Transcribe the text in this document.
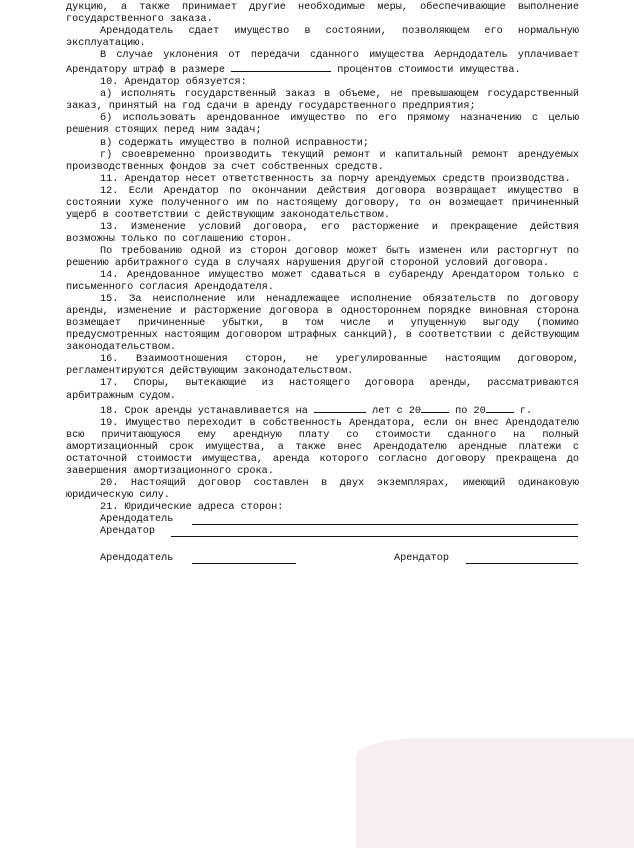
дукцию, а также принимает другие необходимые меры, обеспечивающие выполнение государственного заказа.

Арендодатель сдает имущество в состоянии, позволяющем его нормальную эксплуатацию.

В случае уклонения от передачи сданного имущества Аерндодатель уплачивает Арендатору штраф в размере	процентов стоимости имущества.

10. Арендатор обязуется:

а) исполнять государственный заказ в объеме, не превышающем государственный заказ, принятый на год сдачи в аренду государственного предприятия;

б) использовать арендованное имущество по его прямому назначению с целью решения стоящих перед ним задач;

в) содержать имущество в полной исправности;

г) своевременно производить текущий ремонт и капитальный ремонт арендуемых производственных фондов за счет собственных средств.

11. Арендатор несет ответственность за порчу арендуемых средств производства.

12. Если Арендатор по окончании действия договора возвращает имущество в состоянии хуже полученного им по настоящему договору, то он возмещает причиненный ущерб в соответствии с действующим законодательством.

13. Изменение условий договора, его расторжение и прекращение действия возможны только по соглашению сторон.

По требованию одной из сторон договор может быть изменен или расторгнут по решению арбитражного суда в случаях нарушения другой стороной условий договора.

14. Арендованное имущество может сдаваться в субаренду Арендатором только с письменного согласия Арендодателя.

15. За неисполнение или ненадлежащее исполнение обязательств по договору аренды, изменение и расторжение договора в одностороннем порядке виновная сторона возмещает причиненные убытки, в том числе и упущенную выгоду (помимо предусмотренных настоящим договором штрафных санкций), в соответствии с действующим законодательством.

16. Взаимоотношения сторон, не урегулированные настоящим договором, регламентируются действующим законодательством.

17. Споры, вытекающие из настоящего договора аренды, рассматриваются арбитражным судом.

18. Срок аренды устанавливается на	лет с 20	по 20	г.

19. Имущество переходит в собственность Арендатора, если он внес Арендодателю всю причитающуюся ему арендную плату со стоимости сданного на полный амортизационный срок имущества, а также внес Арендодателю арендные платежи с остаточной стоимости имущества, аренда которого согласно договору прекращена до завершения амортизационного срока.

20. Настоящий договор составлен в двух экземплярах, имеющий одинаковую юридическую силу.

21. Юридические адреса сторон:

Арендодатель
Арендатор
Арендодатель	Арендатор
